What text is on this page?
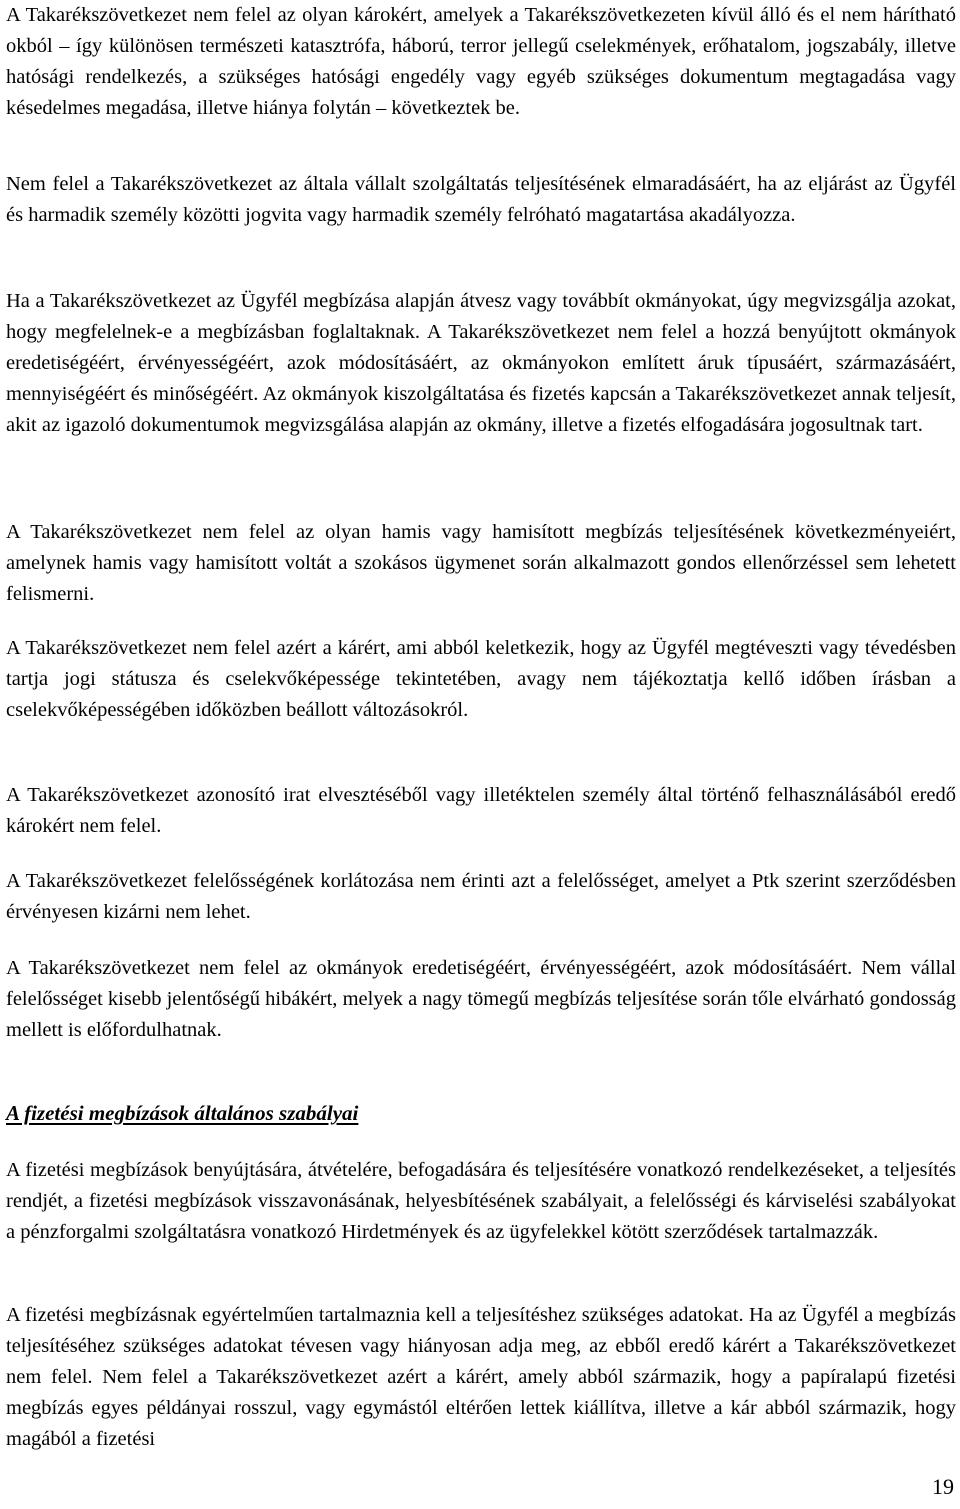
A Takarékszövetkezet nem felel az olyan károkért, amelyek a Takarékszövetkezeten kívül álló és el nem hárítható okból – így különösen természeti katasztrófa, háború, terror jellegű cselekmények, erőhatalom, jogszabály, illetve hatósági rendelkezés, a szükséges hatósági engedély vagy egyéb szükséges dokumentum megtagadása vagy késedelmes megadása, illetve hiánya folytán – következtek be.

Nem felel a Takarékszövetkezet az általa vállalt szolgáltatás teljesítésének elmaradásáért, ha az eljárást az Ügyfél és harmadik személy közötti jogvita vagy harmadik személy felróható magatartása akadályozza.

Ha a Takarékszövetkezet az Ügyfél megbízása alapján átvesz vagy továbbít okmányokat, úgy megvizsgálja azokat, hogy megfelelnek-e a megbízásban foglaltaknak. A Takarékszövetkezet nem felel a hozzá benyújtott okmányok eredetiségéért, érvényességéért, azok módosításáért, az okmányokon említett áruk típusáért, származásáért, mennyiségéért és minőségéért. Az okmányok kiszolgáltatása és fizetés kapcsán a Takarékszövetkezet annak teljesít, akit az igazoló dokumentumok megvizsgálása alapján az okmány, illetve a fizetés elfogadására jogosultnak tart.

A Takarékszövetkezet nem felel az olyan hamis vagy hamisított megbízás teljesítésének következményeiért, amelynek hamis vagy hamisított voltát a szokásos ügymenet során alkalmazott gondos ellenőrzéssel sem lehetett felismerni.

A Takarékszövetkezet nem felel azért a kárért, ami abból keletkezik, hogy az Ügyfél megtéveszti vagy tévedésben tartja jogi státusza és cselekvőképessége tekintetében, avagy nem tájékoztatja kellő időben írásban a cselekvőképességében időközben beállott változásokról.

A Takarékszövetkezet azonosító irat elvesztéséből vagy illetéktelen személy által történő felhasználásából eredő károkért nem felel.

A Takarékszövetkezet felelősségének korlátozása nem érinti azt a felelősséget, amelyet a Ptk szerint szerződésben érvényesen kizárni nem lehet.

A Takarékszövetkezet nem felel az okmányok eredetiségéért, érvényességéért, azok módosításáért. Nem vállal felelősséget kisebb jelentőségű hibákért, melyek a nagy tömegű megbízás teljesítése során tőle elvárható gondosság mellett is előfordulhatnak.

A fizetési megbízások általános szabályai

A fizetési megbízások benyújtására, átvételére, befogadására és teljesítésére vonatkozó rendelkezéseket, a teljesítés rendjét, a fizetési megbízások visszavonásának, helyesbítésének szabályait, a felelősségi és kárviselési szabályokat a pénzforgalmi szolgáltatásra vonatkozó Hirdetmények és az ügyfelekkel kötött szerződések tartalmazzák.

A fizetési megbízásnak egyértelműen tartalmaznia kell a teljesítéshez szükséges adatokat. Ha az Ügyfél a megbízás teljesítéséhez szükséges adatokat tévesen vagy hiányosan adja meg, az ebből eredő kárért a Takarékszövetkezet nem felel. Nem felel a Takarékszövetkezet azért a kárért, amely abból származik, hogy a papíralapú fizetési megbízás egyes példányai rosszul, vagy egymástól eltérően lettek kiállítva, illetve a kár abból származik, hogy magából a fizetési

19
